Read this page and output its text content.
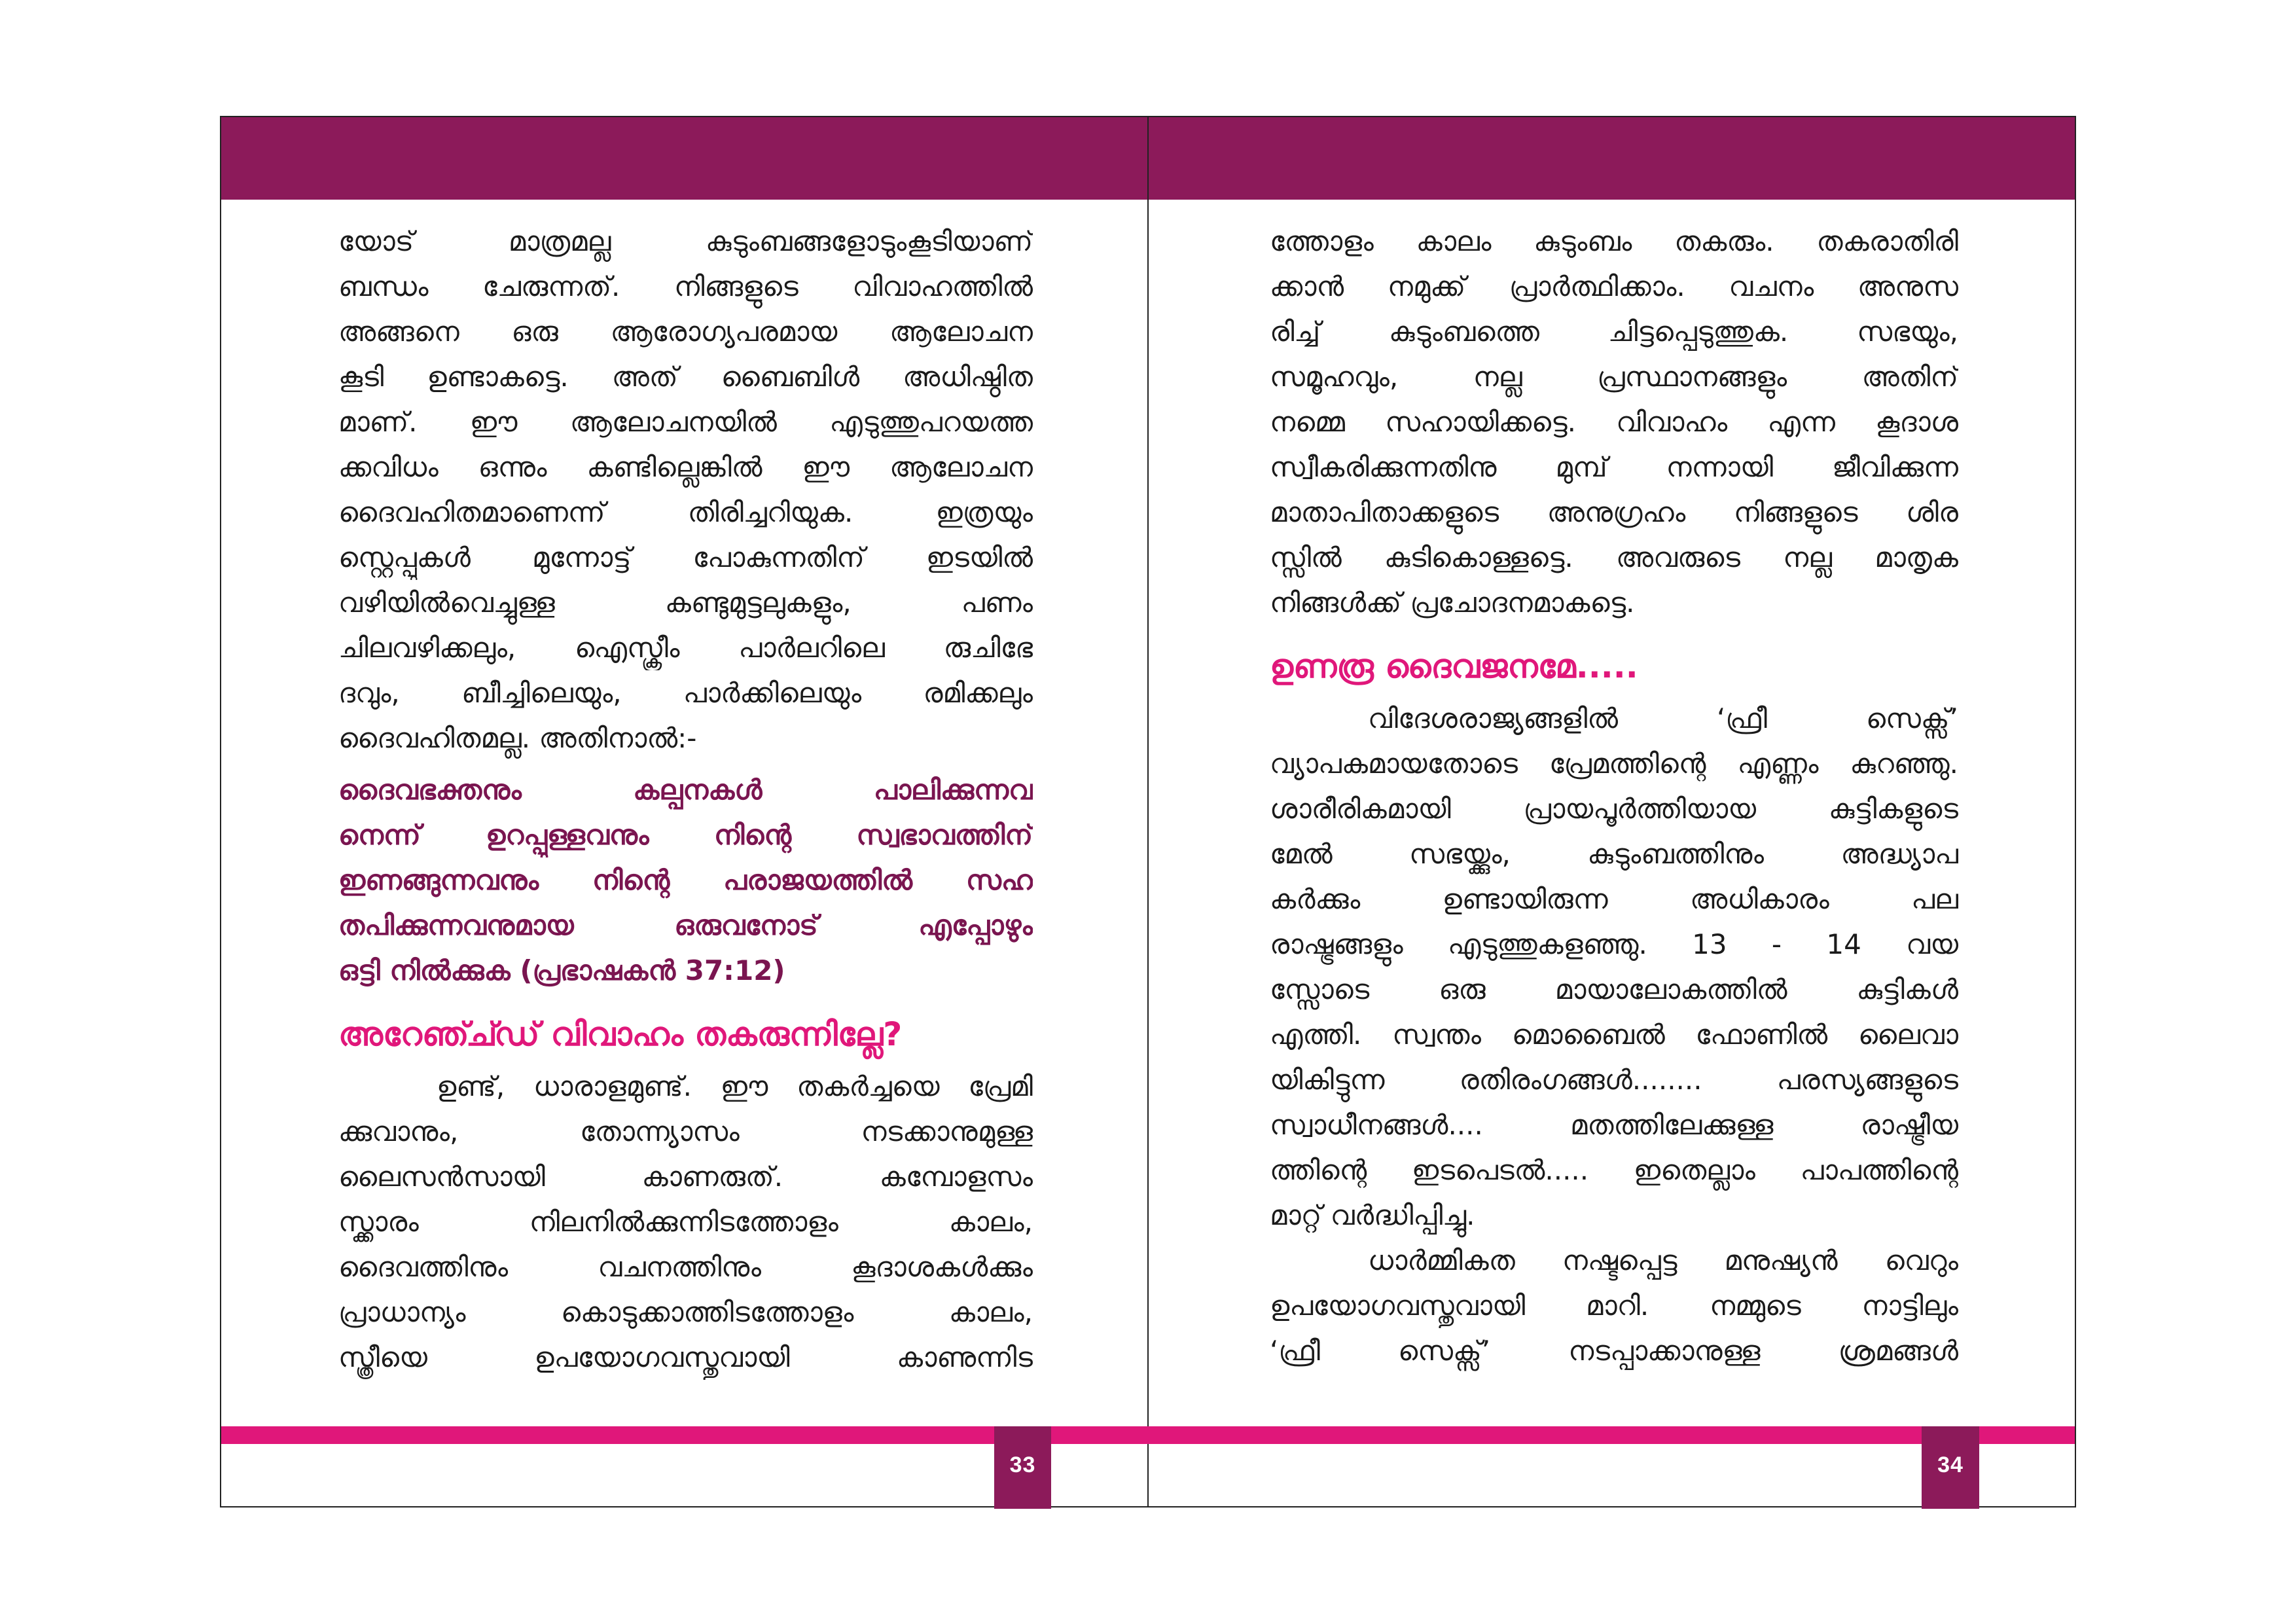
33	34
യോട് മാത്രമല്ല കുടുംബങ്ങളോടുംകൂടിയാണ്
ബന്ധം ചേരുന്നത്. നിങ്ങളുടെ വിവാഹത്തിൽ
അങ്ങനെ ഒരു ആരോഗ്യപരമായ ആലോചന
കൂടി ഉണ്ടാകട്ടെ. അത് ബൈബിൾ അധിഷ്ഠിത
മാണ്. ഈ ആലോചനയിൽ എടുത്തുപറയത്ത
ക്കവിധം ഒന്നും കണ്ടില്ലെങ്കിൽ ഈ ആലോചന
ദൈവഹിതമാണെന്ന് തിരിച്ചറിയുക. ഇത്രയും
സ്റ്റെപ്പുകൾ മുന്നോട്ട് പോകുന്നതിന് ഇടയിൽ
വഴിയിൽവെച്ചുള്ള കണ്ടുമുട്ടലുകളും, പണം
ചിലവഴിക്കലും, ഐസ്ക്രീം പാർലറിലെ രുചിഭേ
ദവും, ബീച്ചിലെയും, പാർക്കിലെയും രമിക്കലും
ദൈവഹിതമല്ല. അതിനാൽ:-
ദൈവഭക്തനും കല്പനകൾ പാലിക്കുന്നവ
നെന്ന് ഉറപ്പുള്ളവനും നിന്റെ സ്വഭാവത്തിന്
ഇണങ്ങുന്നവനും നിന്റെ പരാജയത്തിൽ സഹ
തപിക്കുന്നവനുമായ ഒരുവനോട് എപ്പോഴും
ഒട്ടി നിൽക്കുക (പ്രഭാഷകൻ 37:12)
അറേഞ്ച്ഡ് വിവാഹം തകരുന്നില്ലേ?
ഉണ്ട്, ധാരാളമുണ്ട്. ഈ തകർച്ചയെ പ്രേമി
ക്കുവാനും, തോന്ന്യാസം നടക്കാനുമുള്ള
ലൈസൻസായി കാണരുത്. കമ്പോളസം
സ്ക്കാരം നിലനിൽക്കുന്നിടത്തോളം കാലം,
ദൈവത്തിനും വചനത്തിനും കൂദാശകൾക്കും
പ്രാധാന്യം കൊടുക്കാത്തിടത്തോളം കാലം,
സ്ത്രീയെ ഉപയോഗവസ്തുവായി കാണുന്നിട
ത്തോളം കാലം കുടുംബം തകരും. തകരാതിരി
ക്കാൻ നമുക്ക് പ്രാർത്ഥിക്കാം. വചനം അനുസ
രിച്ച് കുടുംബത്തെ ചിട്ടപ്പെടുത്തുക. സഭയും,
സമൂഹവും, നല്ല പ്രസ്ഥാനങ്ങളും അതിന്
നമ്മെ സഹായിക്കട്ടെ. വിവാഹം എന്ന കൂദാശ
സ്വീകരിക്കുന്നതിനു മുമ്പ് നന്നായി ജീവിക്കുന്ന
മാതാപിതാക്കളുടെ അനുഗ്രഹം നിങ്ങളുടെ ശിര
സ്സിൽ കുടികൊള്ളട്ടെ. അവരുടെ നല്ല മാതൃക
നിങ്ങൾക്ക് പ്രചോദനമാകട്ടെ.
ഉണരൂ ദൈവജനമേ.....
വിദേശരാജ്യങ്ങളിൽ ‘ഫ്രീ സെക്സ്’
വ്യാപകമായതോടെ പ്രേമത്തിന്റെ എണ്ണം കുറഞ്ഞു.
ശാരീരികമായി പ്രായപൂർത്തിയായ കുട്ടികളുടെ
മേൽ സഭയ്ക്കും, കുടുംബത്തിനും അദ്ധ്യാപ
കർക്കും ഉണ്ടായിരുന്ന അധികാരം പല
രാഷ്ട്രങ്ങളും എടുത്തുകളഞ്ഞു. 13 - 14 വയ
സ്സോടെ ഒരു മായാലോകത്തിൽ കുട്ടികൾ
എത്തി. സ്വന്തം മൊബൈൽ ഫോണിൽ ലൈവാ
യികിട്ടുന്ന രതിരംഗങ്ങൾ........ പരസ്യങ്ങളുടെ
സ്വാധീനങ്ങൾ.... മതത്തിലേക്കുള്ള രാഷ്ട്രീയ
ത്തിന്റെ ഇടപെടൽ..... ഇതെല്ലാം പാപത്തിന്റെ
മാറ്റ് വർദ്ധിപ്പിച്ചു.
ധാർമ്മികത നഷ്ടപ്പെട്ട മനുഷ്യൻ വെറും
ഉപയോഗവസ്തുവായി മാറി. നമ്മുടെ നാട്ടിലും
‘ഫ്രീ സെക്സ്’ നടപ്പാക്കാനുള്ള ശ്രമങ്ങൾ
